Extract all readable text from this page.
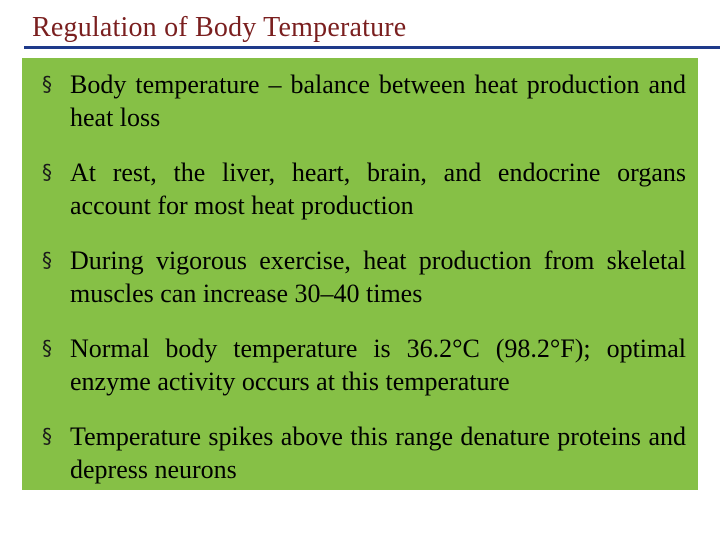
Regulation of Body Temperature
§ Body temperature – balance between heat production and heat loss
§ At rest, the liver, heart, brain, and endocrine organs account for most heat production
§ During vigorous exercise, heat production from skeletal muscles can increase 30–40 times
§ Normal body temperature is 36.2°C (98.2°F); optimal enzyme activity occurs at this temperature
§ Temperature spikes above this range denature proteins and depress neurons
